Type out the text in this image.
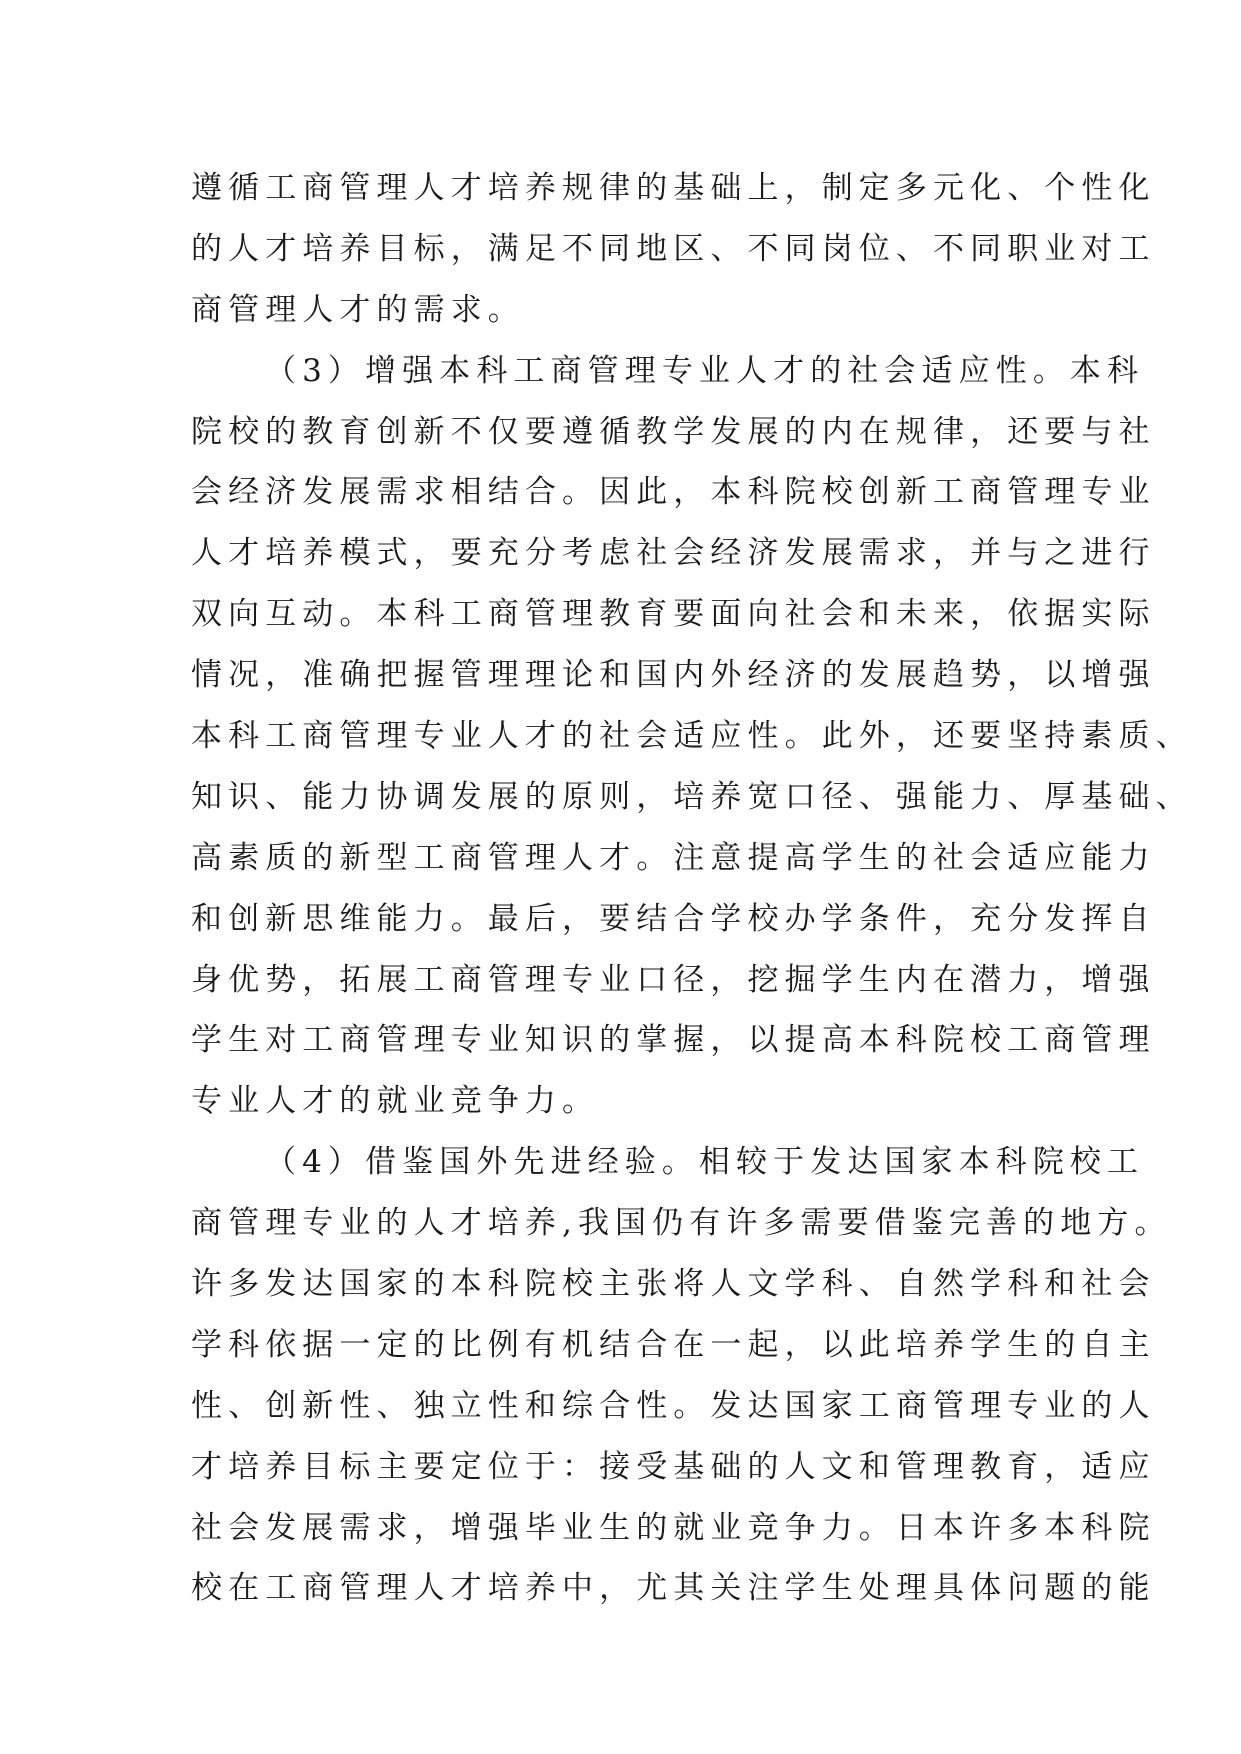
遵循工商管理人才培养规律的基础上，制定多元化、个性化
的人才培养目标，满足不同地区、不同岗位、不同职业对工
商管理人才的需求。
（3）增强本科工商管理专业人才的社会适应性。本科
院校的教育创新不仅要遵循教学发展的内在规律，还要与社
会经济发展需求相结合。因此，本科院校创新工商管理专业
人才培养模式，要充分考虑社会经济发展需求，并与之进行
双向互动。本科工商管理教育要面向社会和未来，依据实际
情况，准确把握管理理论和国内外经济的发展趋势，以增强
本科工商管理专业人才的社会适应性。此外，还要坚持素质、
知识、能力协调发展的原则，培养宽口径、强能力、厚基础、
高素质的新型工商管理人才。注意提高学生的社会适应能力
和创新思维能力。最后，要结合学校办学条件，充分发挥自
身优势，拓展工商管理专业口径，挖掘学生内在潜力，增强
学生对工商管理专业知识的掌握，以提高本科院校工商管理
专业人才的就业竞争力。
（4）借鉴国外先进经验。相较于发达国家本科院校工
商管理专业的人才培养,我国仍有许多需要借鉴完善的地方。
许多发达国家的本科院校主张将人文学科、自然学科和社会
学科依据一定的比例有机结合在一起，以此培养学生的自主
性、创新性、独立性和综合性。发达国家工商管理专业的人
才培养目标主要定位于：接受基础的人文和管理教育，适应
社会发展需求，增强毕业生的就业竞争力。日本许多本科院
校在工商管理人才培养中，尤其关注学生处理具体问题的能
